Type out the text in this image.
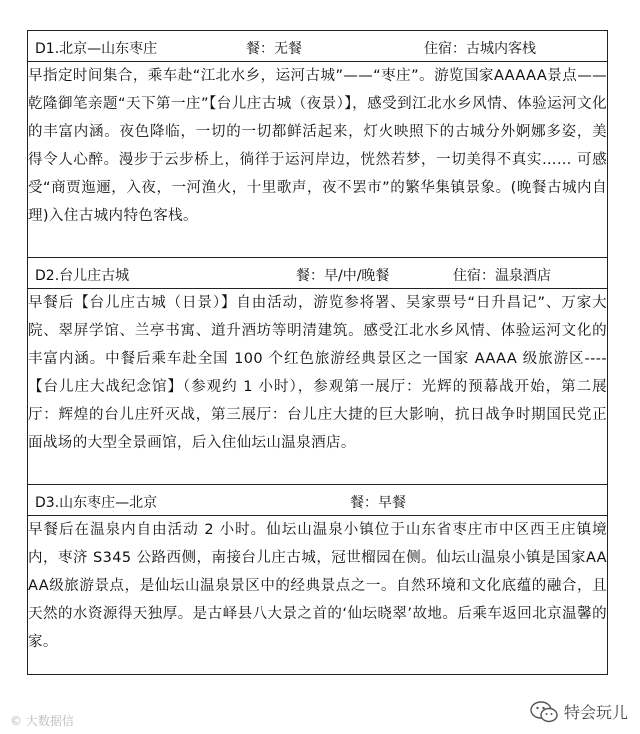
D1.北京—山东枣庄	餐：无餐	住宿：古城内客栈

早指定时间集合，乘车赴“江北水乡，运河古城”——“枣庄”。游览国家AAAAA景点——乾隆御笔亲题“天下第一庄”【台儿庄古城（夜景）】，感受到江北水乡风情、体验运河文化的丰富内涵。夜色降临，一切的一切都鲜活起来，灯火映照下的古城分外婀娜多姿，美得令人心醉。漫步于云步桥上，徜徉于运河岸边，恍然若梦，一切美得不真实…… 可感受“商贾迤逦，入夜，一河渔火，十里歌声，夜不罢市”的繁华集镇景象。(晚餐古城内自理)入住古城内特色客栈。

D2.台儿庄古城	餐：早/中/晚餐	住宿：温泉酒店

早餐后【台儿庄古城（日景）】自由活动，游览参将署、吴家票号“日升昌记”、万家大院、翠屏学馆、兰亭书寓、道升酒坊等明清建筑。感受江北水乡风情、体验运河文化的丰富内涵。中餐后乘车赴全国 100 个红色旅游经典景区之一国家 AAAA 级旅游区----【台儿庄大战纪念馆】（参观约 1 小时），参观第一展厅：光辉的预幕战开始，第二展厅：辉煌的台儿庄歼灭战，第三展厅：台儿庄大捷的巨大影响，抗日战争时期国民党正面战场的大型全景画馆，后入住仙坛山温泉酒店。

D3.山东枣庄—北京	餐：早餐

早餐后在温泉内自由活动 2 小时。仙坛山温泉小镇位于山东省枣庄市中区西王庄镇境内，枣济 S345 公路西侧，南接台儿庄古城，冠世榴园在侧。仙坛山温泉小镇是国家AAAA级旅游景点，是仙坛山温泉景区中的经典景点之一。自然环境和文化底蕴的融合，且天然的水资源得天独厚。是古峄县八大景之首的‘仙坛晓翠’故地。后乘车返回北京温馨的家。
© 大数据信	特会玩儿
